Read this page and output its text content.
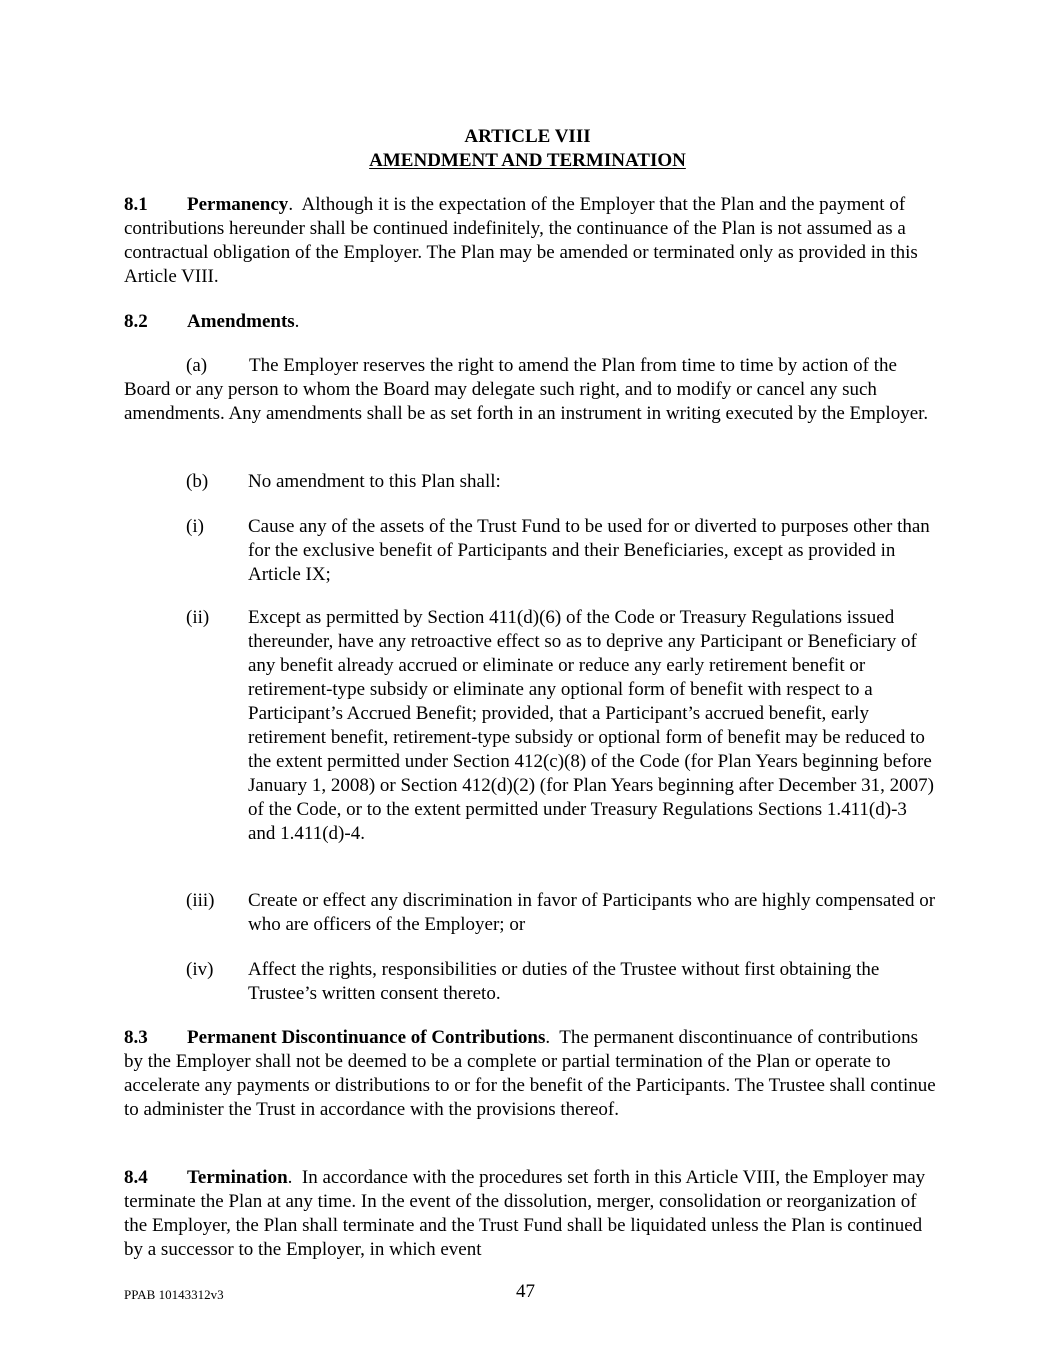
ARTICLE VIII
AMENDMENT AND TERMINATION
8.1 Permanency.  Although it is the expectation of the Employer that the Plan and the payment of contributions hereunder shall be continued indefinitely, the continuance of the Plan is not assumed as a contractual obligation of the Employer. The Plan may be amended or terminated only as provided in this Article VIII.
8.2 Amendments.
(a) The Employer reserves the right to amend the Plan from time to time by action of the Board or any person to whom the Board may delegate such right, and to modify or cancel any such amendments. Any amendments shall be as set forth in an instrument in writing executed by the Employer.
(b) No amendment to this Plan shall:
(i) Cause any of the assets of the Trust Fund to be used for or diverted to purposes other than for the exclusive benefit of Participants and their Beneficiaries, except as provided in Article IX;
(ii) Except as permitted by Section 411(d)(6) of the Code or Treasury Regulations issued thereunder, have any retroactive effect so as to deprive any Participant or Beneficiary of any benefit already accrued or eliminate or reduce any early retirement benefit or retirement-type subsidy or eliminate any optional form of benefit with respect to a Participant’s Accrued Benefit; provided, that a Participant’s accrued benefit, early retirement benefit, retirement-type subsidy or optional form of benefit may be reduced to the extent permitted under Section 412(c)(8) of the Code (for Plan Years beginning before January 1, 2008) or Section 412(d)(2) (for Plan Years beginning after December 31, 2007) of the Code, or to the extent permitted under Treasury Regulations Sections 1.411(d)-3 and 1.411(d)-4.
(iii) Create or effect any discrimination in favor of Participants who are highly compensated or who are officers of the Employer; or
(iv) Affect the rights, responsibilities or duties of the Trustee without first obtaining the Trustee’s written consent thereto.
8.3 Permanent Discontinuance of Contributions.  The permanent discontinuance of contributions by the Employer shall not be deemed to be a complete or partial termination of the Plan or operate to accelerate any payments or distributions to or for the benefit of the Participants. The Trustee shall continue to administer the Trust in accordance with the provisions thereof.
8.4 Termination.  In accordance with the procedures set forth in this Article VIII, the Employer may terminate the Plan at any time. In the event of the dissolution, merger, consolidation or reorganization of the Employer, the Plan shall terminate and the Trust Fund shall be liquidated unless the Plan is continued by a successor to the Employer, in which event
PPAB 10143312v3	47
